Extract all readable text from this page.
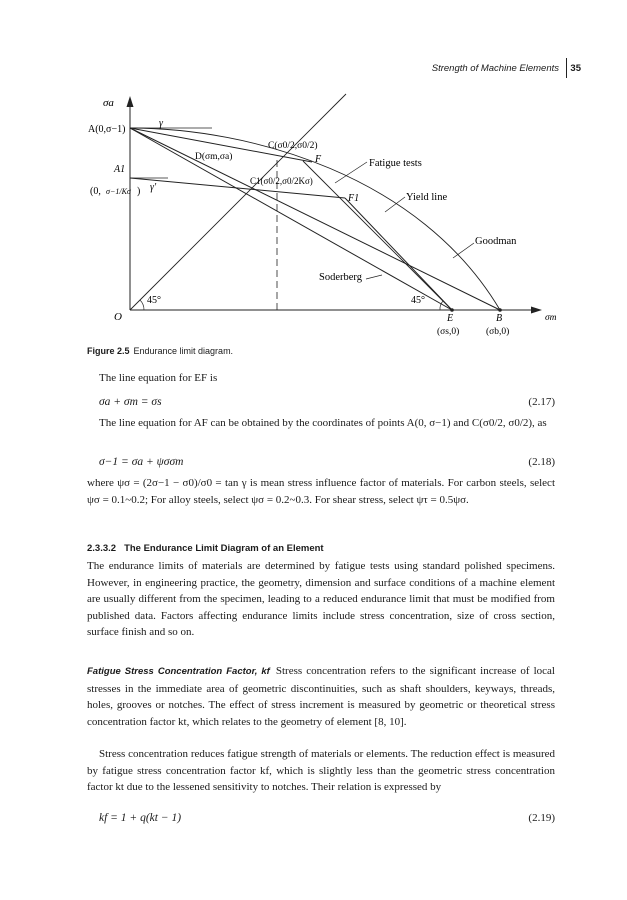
Strength of Machine Elements 35
σa
O	σm
A(0,σ−1)
A1
(0, σ−1/Kσ )
γ
γ'
D(σm,σa)
C(σ0/2,σ0/2)
C1(σ0/2,σ0/2Kσ)
F
F1
Fatigue tests
Yield line
Goodman
Soderberg
45°	45°
E
(σs,0)
B
(σb,0)
Figure 2.5 Endurance limit diagram.
The line equation for EF is
σa + σm = σs	(2.17)
The line equation for AF can be obtained by the coordinates of points A(0, σ−1) and C(σ0/2, σ0/2), as
σ−1 = σa + ψσσm	(2.18)
where ψσ = (2σ−1 − σ0)/σ0 = tan γ is mean stress influence factor of materials. For carbon steels, select ψσ = 0.1~0.2; For alloy steels, select ψσ = 0.2~0.3. For shear stress, select ψτ = 0.5ψσ.
2.3.3.2 The Endurance Limit Diagram of an Element
The endurance limits of materials are determined by fatigue tests using standard polished specimens. However, in engineering practice, the geometry, dimension and surface conditions of a machine element are usually different from the specimen, leading to a reduced endurance limit that must be modified from published data. Factors affecting endurance limits include stress concentration, size of cross section, surface finish and so on.
Fatigue Stress Concentration Factor, kf Stress concentration refers to the significant increase of local stresses in the immediate area of geometric discontinuities, such as shaft shoulders, keyways, threads, holes, grooves or notches. The effect of stress increment is measured by geometric or theoretical stress concentration factor kt, which relates to the geometry of element [8, 10].
Stress concentration reduces fatigue strength of materials or elements. The reduction effect is measured by fatigue stress concentration factor kf, which is slightly less than the geometric stress concentration factor kt due to the lessened sensitivity to notches. Their relation is expressed by
kf = 1 + q(kt − 1)	(2.19)
